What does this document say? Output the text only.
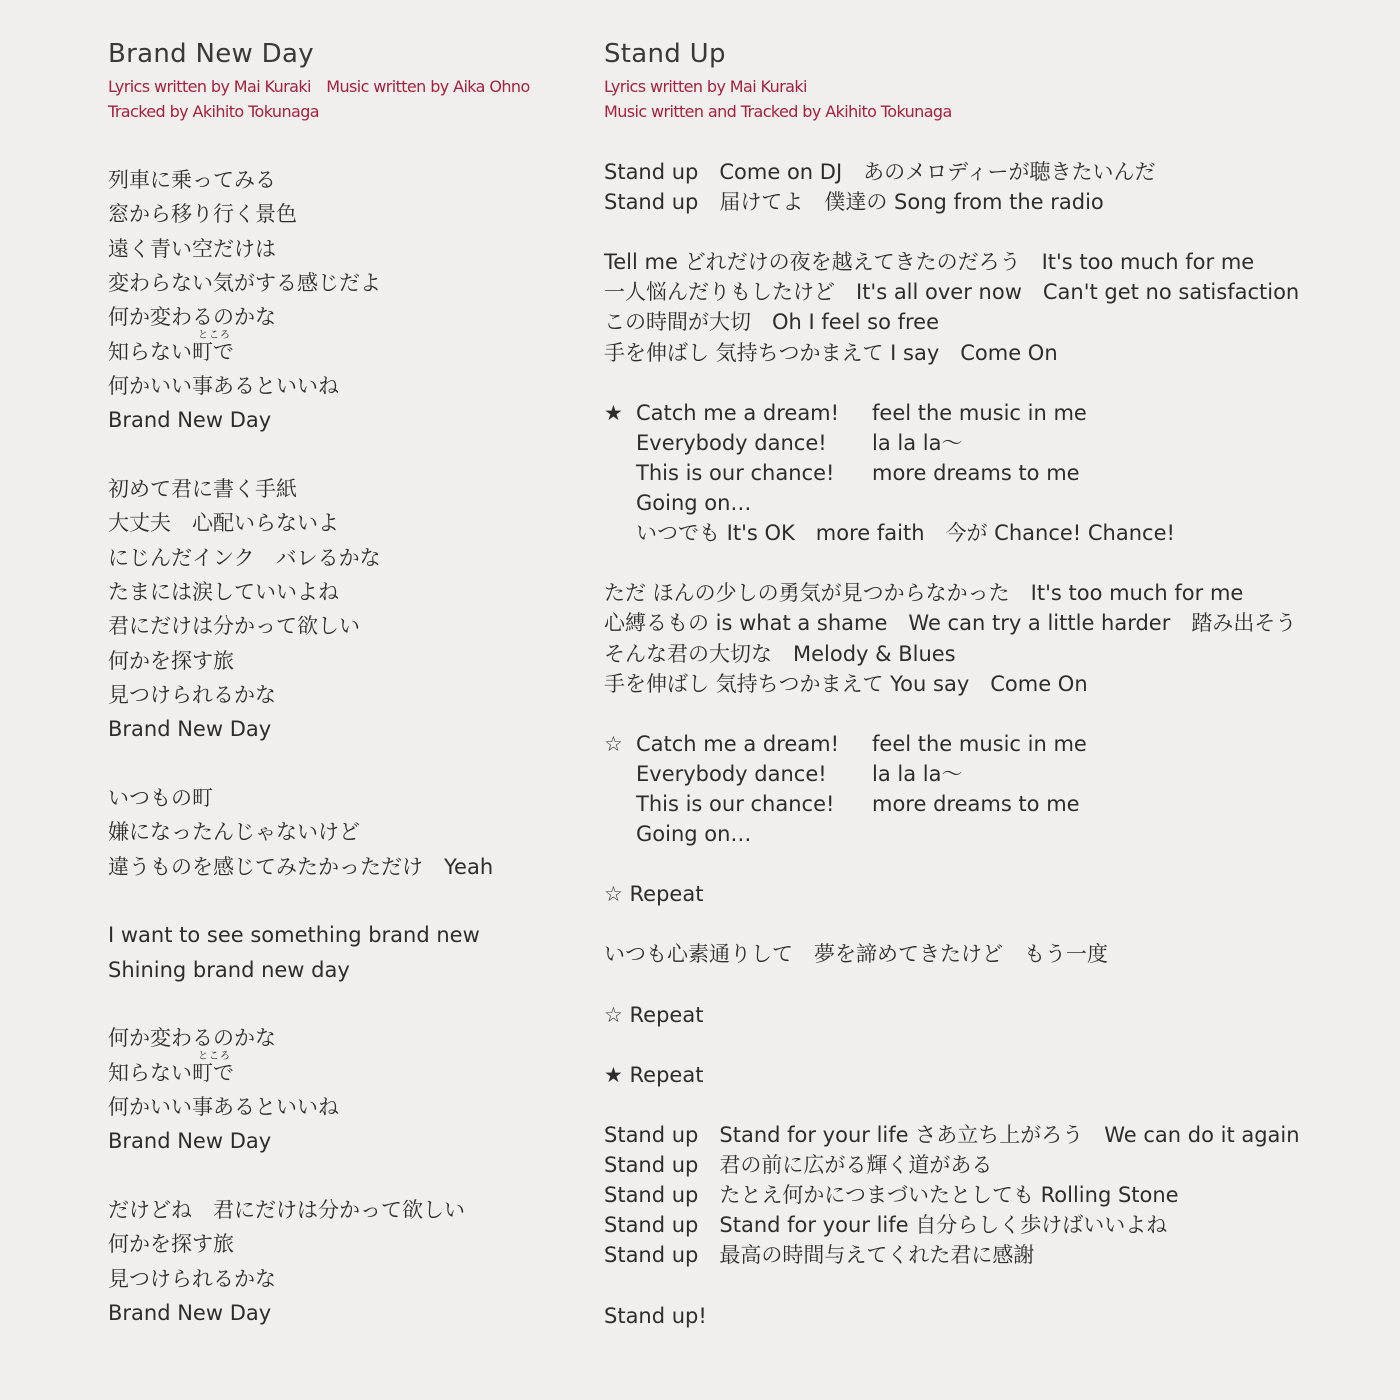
Brand New Day
Lyrics written by Mai Kuraki　Music written by Aika Ohno
Tracked by Akihito Tokunaga
列車に乗ってみる
窓から移り行く景色
遠く青い空だけは
変わらない気がする感じだよ
何か変わるのかな
知らない町で
ところ
何かいい事あるといいね
Brand New Day
初めて君に書く手紙
大丈夫　心配いらないよ
にじんだインク　バレるかな
たまには涙していいよね
君にだけは分かって欲しい
何かを探す旅
見つけられるかな
Brand New Day
いつもの町
嫌になったんじゃないけど
違うものを感じてみたかっただけ　Yeah
I want to see something brand new
Shining brand new day
何か変わるのかな
知らない町で
ところ
何かいい事あるといいね
Brand New Day
だけどね　君にだけは分かって欲しい
何かを探す旅
見つけられるかな
Brand New Day
Stand Up
Lyrics written by Mai Kuraki
Music written and Tracked by Akihito Tokunaga
Stand up　Come on DJ　あのメロディーが聴きたいんだ
Stand up　届けてよ　僕達の Song from the radio
Tell me どれだけの夜を越えてきたのだろう　It's too much for me
一人悩んだりもしたけど　It's all over now　Can't get no satisfaction
この時間が大切　Oh I feel so free
手を伸ばし 気持ちつかまえて I say　Come On
★ Catch me a dream!	feel the music in me
Everybody dance!	la la la～
This is our chance!	more dreams to me
Going on…
いつでも It's OK　more faith　今が Chance! Chance!
ただ ほんの少しの勇気が見つからなかった　It's too much for me
心縛るもの is what a shame　We can try a little harder　踏み出そう
そんな君の大切な　Melody & Blues
手を伸ばし 気持ちつかまえて You say　Come On
☆ Catch me a dream!	feel the music in me
Everybody dance!	la la la～
This is our chance!	more dreams to me
Going on…
☆ Repeat
いつも心素通りして　夢を諦めてきたけど　もう一度
☆ Repeat
★ Repeat
Stand up　Stand for your life さあ立ち上がろう　We can do it again
Stand up　君の前に広がる輝く道がある
Stand up　たとえ何かにつまづいたとしても Rolling Stone
Stand up　Stand for your life 自分らしく歩けばいいよね
Stand up　最高の時間与えてくれた君に感謝
Stand up!
